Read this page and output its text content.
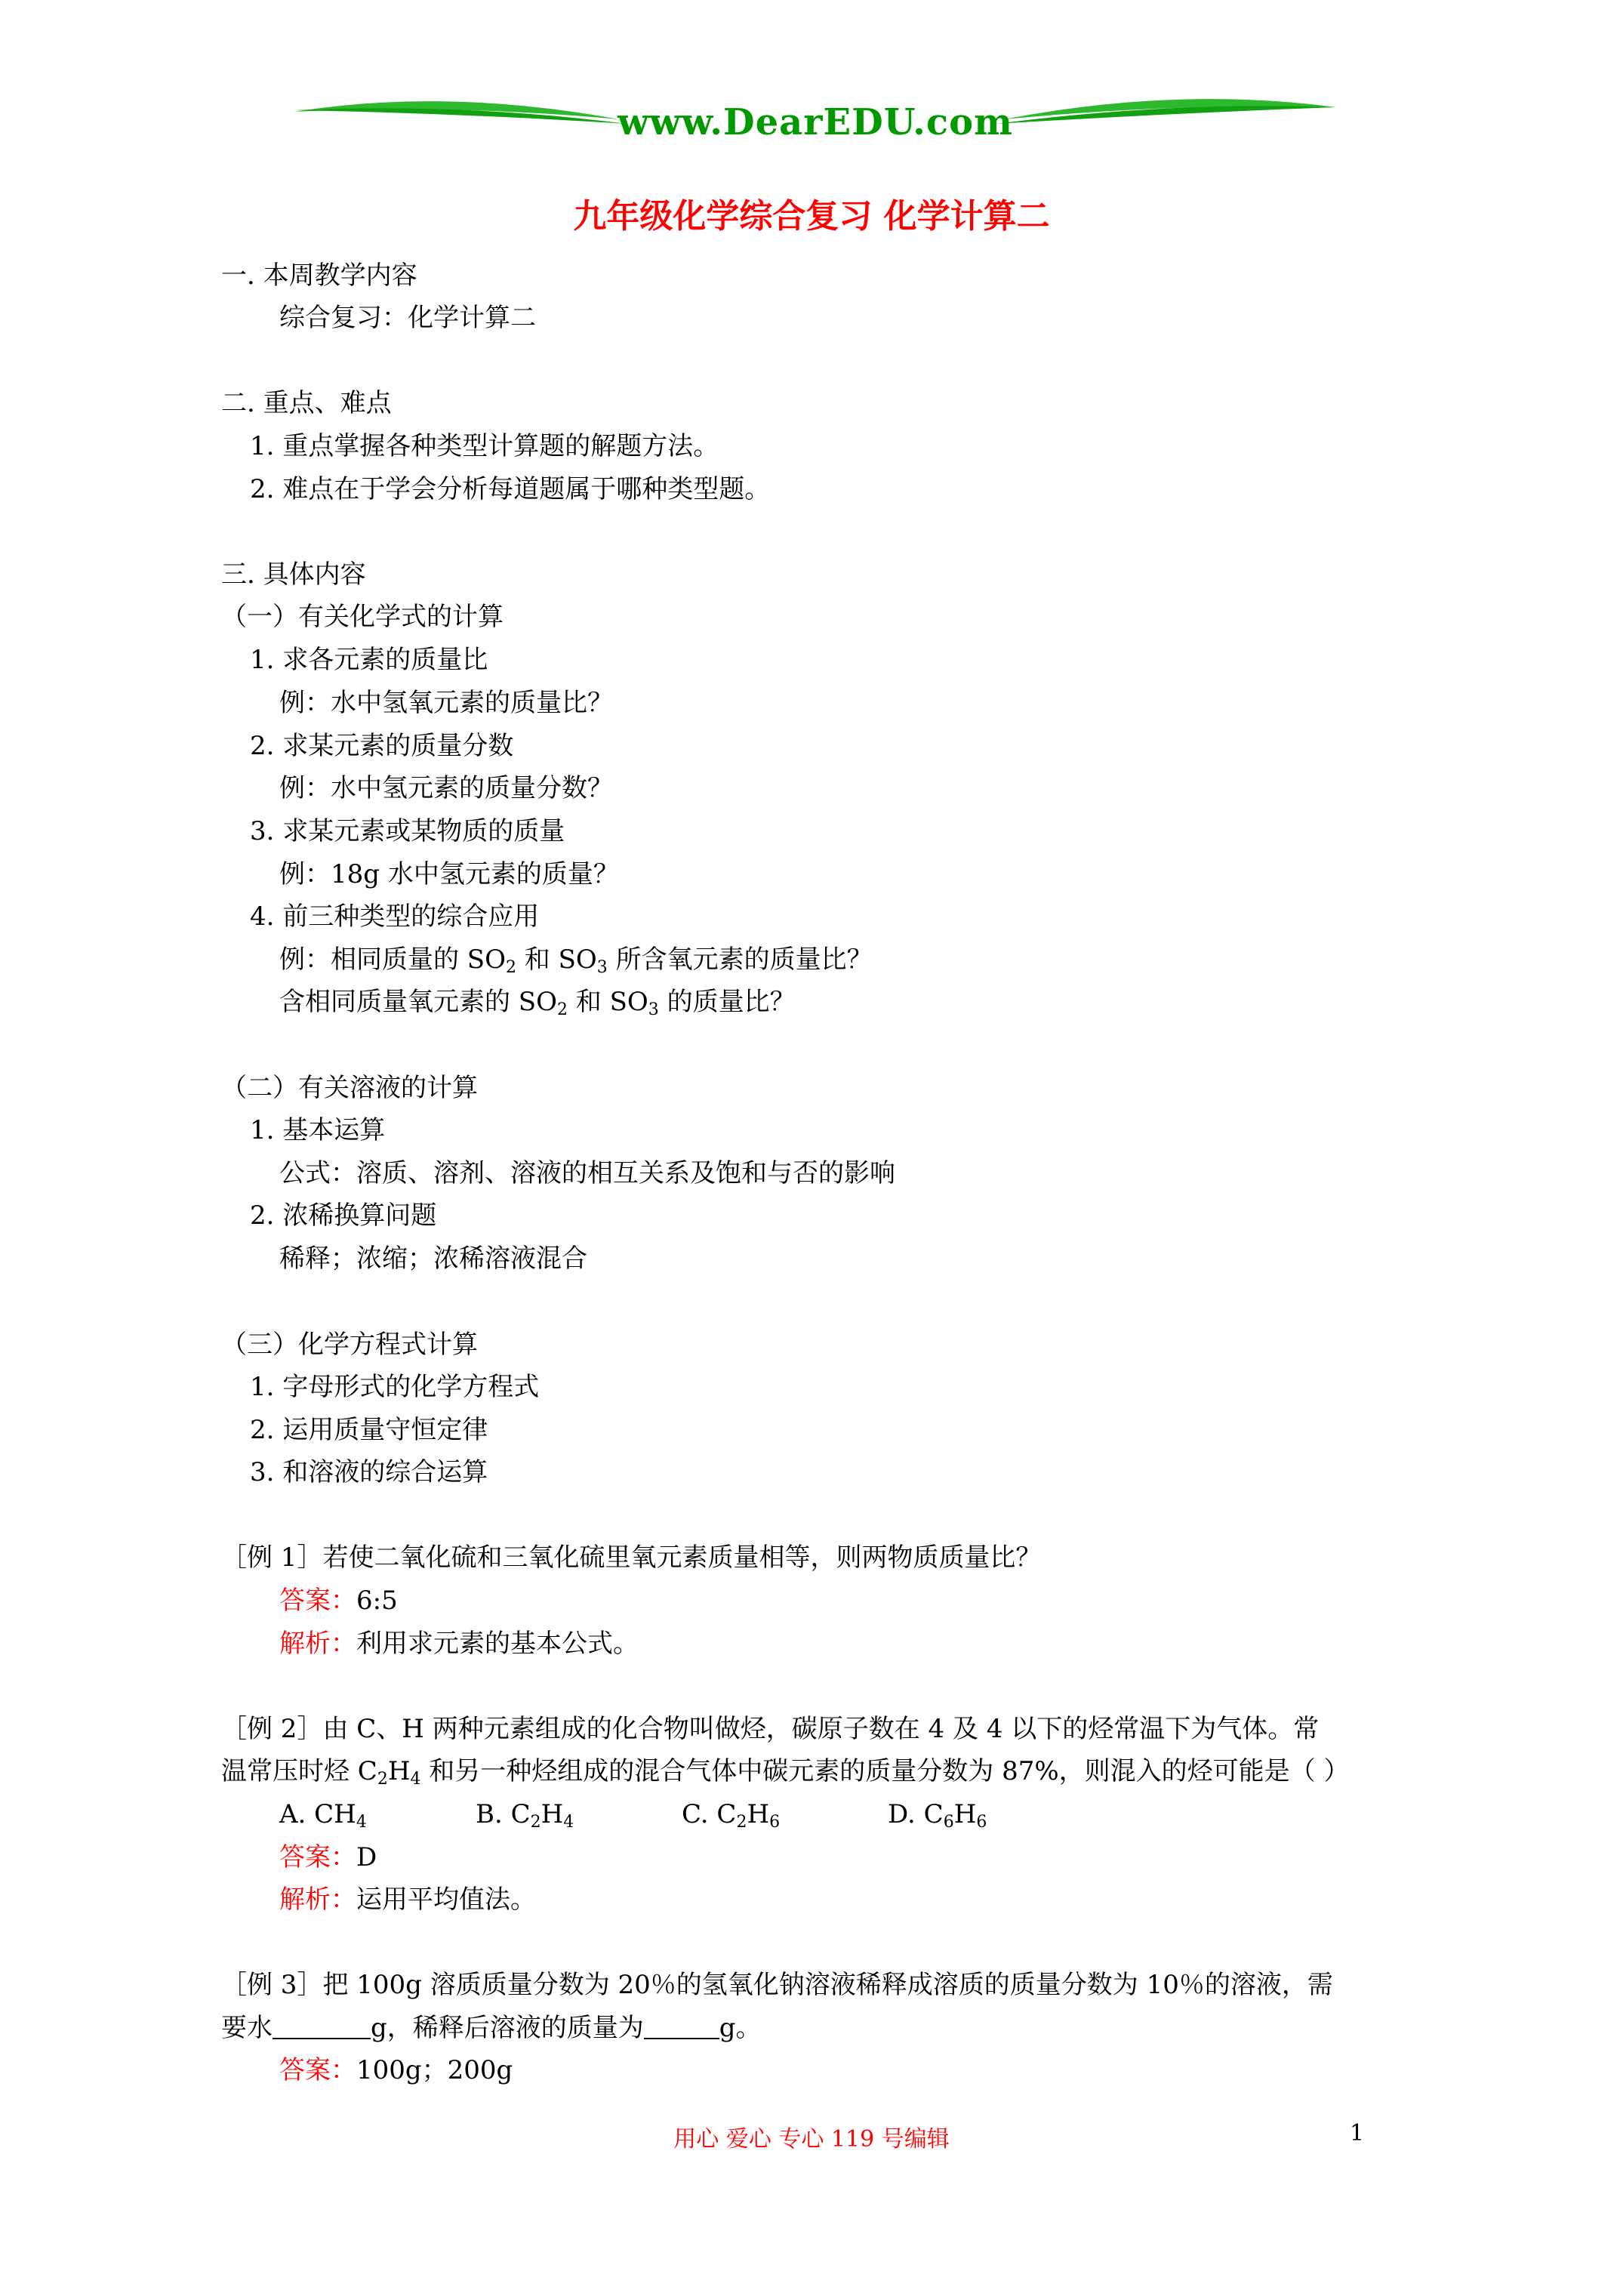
www.DearEDU.com
九年级化学综合复习 化学计算二
一. 本周教学内容
综合复习：化学计算二
二. 重点、难点
1. 重点掌握各种类型计算题的解题方法。
2. 难点在于学会分析每道题属于哪种类型题。
三. 具体内容
（一）有关化学式的计算
1. 求各元素的质量比
例：水中氢氧元素的质量比？
2. 求某元素的质量分数
例：水中氢元素的质量分数？
3. 求某元素或某物质的质量
例：18g 水中氢元素的质量？
4. 前三种类型的综合应用
例：相同质量的 $SO_2$ 和 $SO_3$ 所含氧元素的质量比？
含相同质量氧元素的 $SO_2$ 和 $SO_3$ 的质量比？
（二）有关溶液的计算
1. 基本运算
公式：溶质、溶剂、溶液的相互关系及饱和与否的影响
2. 浓稀换算问题
稀释；浓缩；浓稀溶液混合
（三）化学方程式计算
1. 字母形式的化学方程式
2. 运用质量守恒定律
3. 和溶液的综合运算
［例 1］若使二氧化硫和三氧化硫里氧元素质量相等，则两物质质量比？
答案：6:5
解析：利用求元素的基本公式。
［例 2］由 C、H 两种元素组成的化合物叫做烃，碳原子数在 4 及 4 以下的烃常温下为气体。常
温常压时烃 $C_2H_4$ 和另一种烃组成的混合气体中碳元素的质量分数为 87%，则混入的烃可能是（ ）
A. $CH_4$	B. $C_2H_4$	C. $C_2H_6$	D. $C_6H_6$
答案：D
解析：运用平均值法。
［例 3］把 100g 溶质质量分数为 20％的氢氧化钠溶液稀释成溶质的质量分数为 10％的溶液，需
要水	g，稀释后溶液的质量为	g。
答案：100g；200g
用心 爱心 专心 119 号编辑	1
